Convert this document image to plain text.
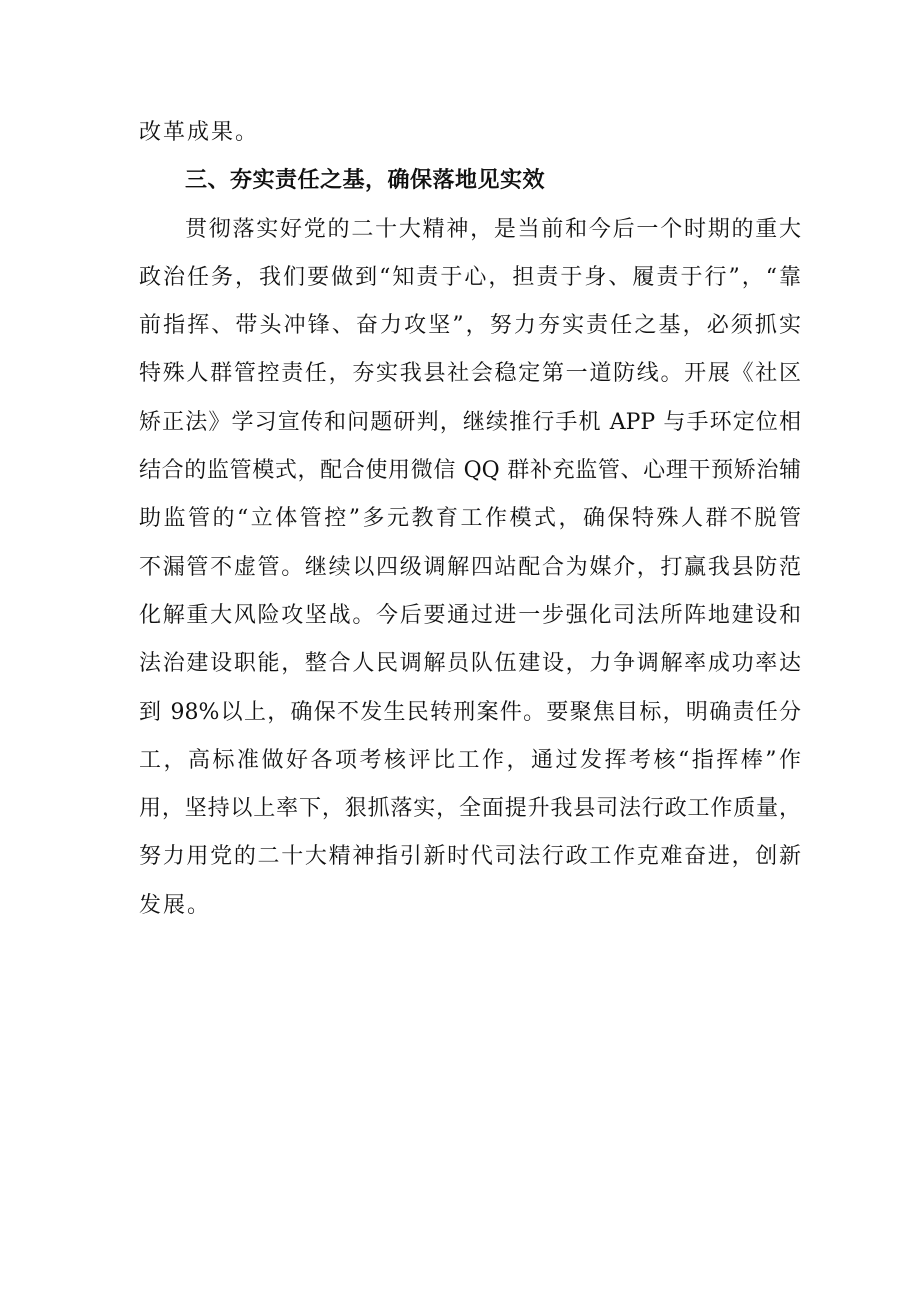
改革成果。
三、夯实责任之基，确保落地见实效
贯彻落实好党的二十大精神，是当前和今后一个时期的重大
政治任务，我们要做到“知责于心，担责于身、履责于行”，“靠
前指挥、带头冲锋、奋力攻坚”，努力夯实责任之基，必须抓实
特殊人群管控责任，夯实我县社会稳定第一道防线。开展《社区
矫正法》学习宣传和问题研判，继续推行手机 APP 与手环定位相
结合的监管模式，配合使用微信 QQ 群补充监管、心理干预矫治辅
助监管的“立体管控”多元教育工作模式，确保特殊人群不脱管
不漏管不虚管。继续以四级调解四站配合为媒介，打赢我县防范
化解重大风险攻坚战。今后要通过进一步强化司法所阵地建设和
法治建设职能，整合人民调解员队伍建设，力争调解率成功率达
到 98%以上，确保不发生民转刑案件。要聚焦目标，明确责任分
工，高标准做好各项考核评比工作，通过发挥考核“指挥棒”作
用，坚持以上率下，狠抓落实，全面提升我县司法行政工作质量，
努力用党的二十大精神指引新时代司法行政工作克难奋进，创新
发展。
